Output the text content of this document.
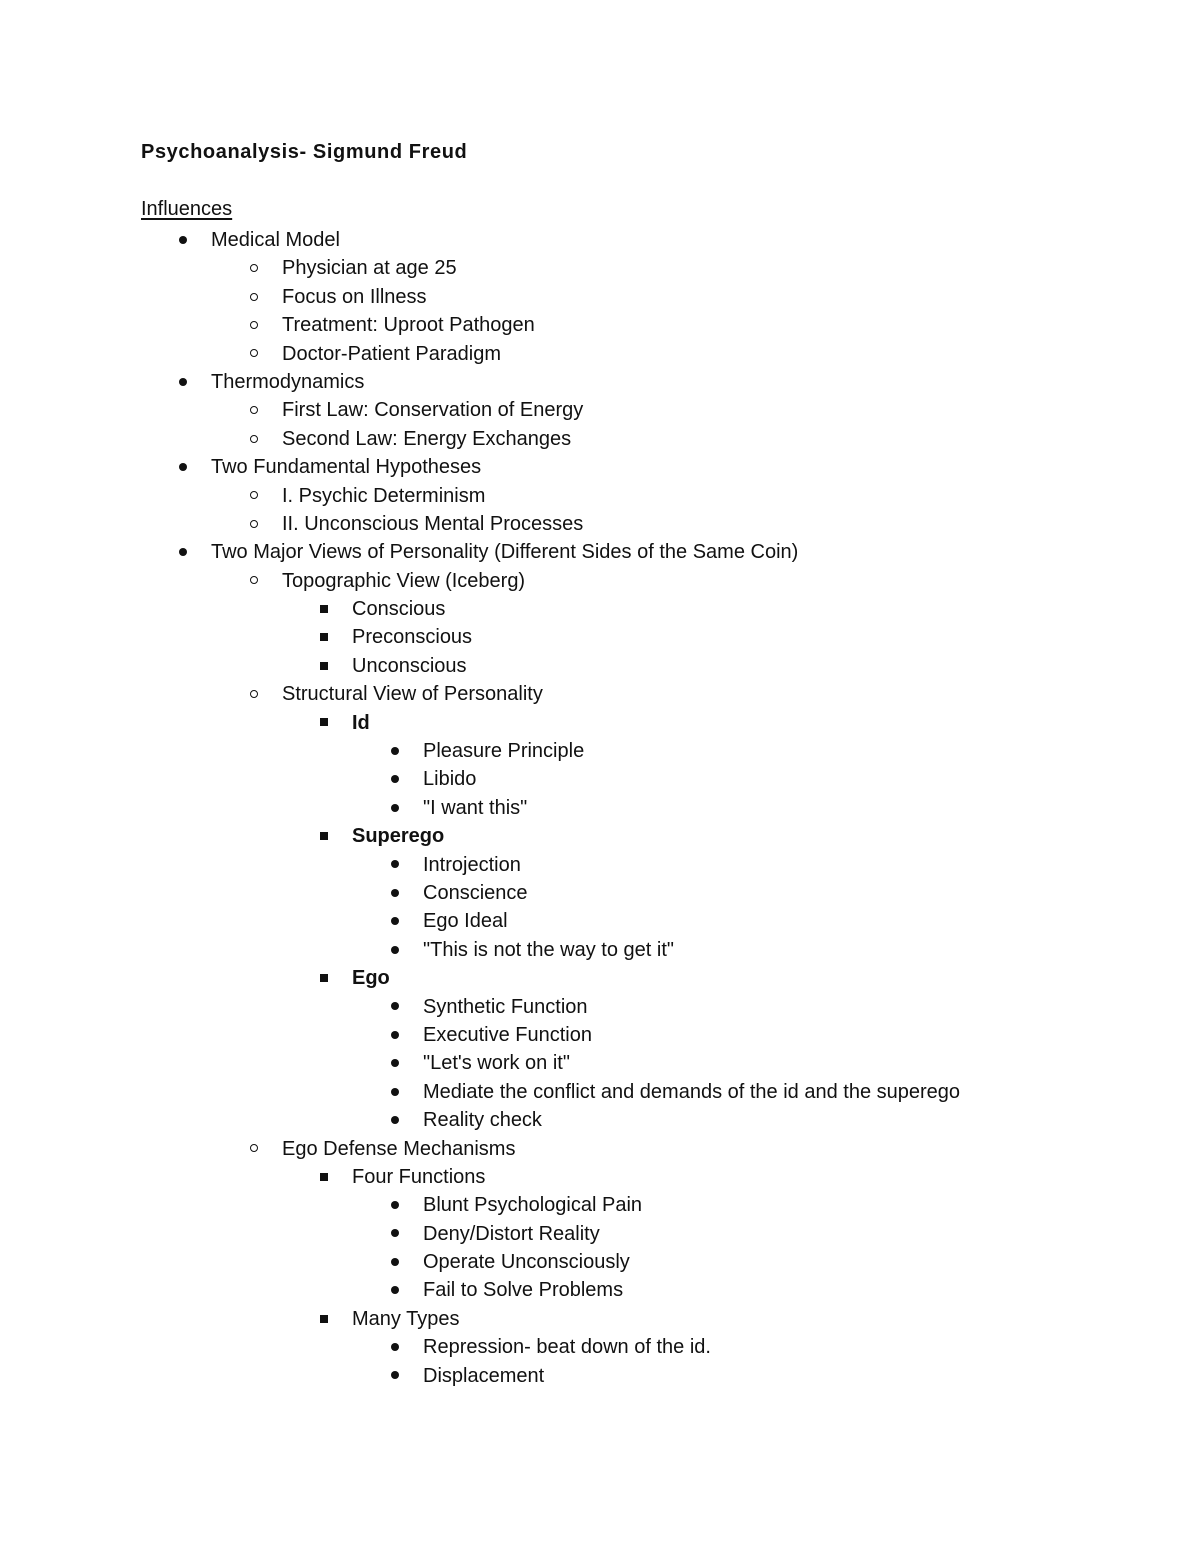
Psychoanalysis- Sigmund Freud
Influences
Medical Model
Physician at age 25
Focus on Illness
Treatment: Uproot Pathogen
Doctor-Patient Paradigm
Thermodynamics
First Law: Conservation of Energy
Second Law: Energy Exchanges
Two Fundamental Hypotheses
I. Psychic Determinism
II. Unconscious Mental Processes
Two Major Views of Personality (Different Sides of the Same Coin)
Topographic View (Iceberg)
Conscious
Preconscious
Unconscious
Structural View of Personality
Id
Pleasure Principle
Libido
"I want this"
Superego
Introjection
Conscience
Ego Ideal
"This is not the way to get it"
Ego
Synthetic Function
Executive Function
"Let's work on it"
Mediate the conflict and demands of the id and the superego
Reality check
Ego Defense Mechanisms
Four Functions
Blunt Psychological Pain
Deny/Distort Reality
Operate Unconsciously
Fail to Solve Problems
Many Types
Repression- beat down of the id.
Displacement
